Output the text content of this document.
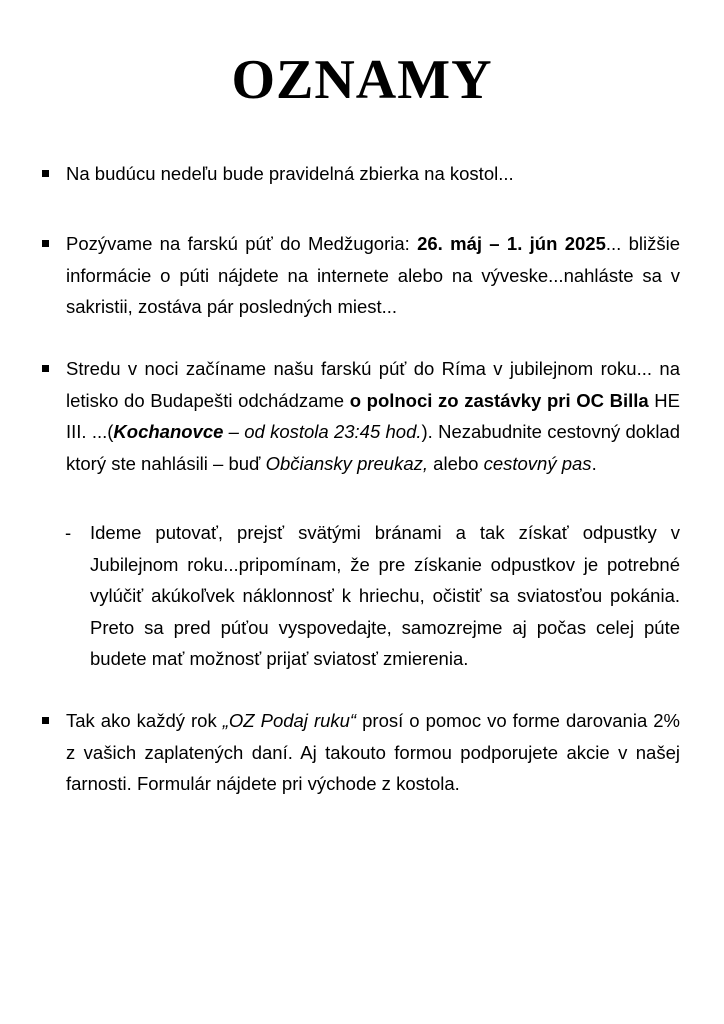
OZNAMY
Na budúcu nedeľu bude pravidelná zbierka na kostol...
Pozývame na farskú púť do Medžugoria: 26. máj – 1. jún 2025... bližšie informácie o púti nájdete na internete alebo na vývеske...nahláste sa v sakristii, zostáva pár posledných miest...
Stredu v noci začíname našu farskú púť do Ríma v jubilejnom roku... na letisko do Budapešti odchádzame o polnoci zo zastávky pri OC Billa HE III. ...(Kochanovce – od kostola 23:45 hod.). Nezabudnite cestovný doklad ktorý ste nahlásili – buď Občiansky preukaz, alebo cestovný pas.
- Ideme putovať, prejsť svätými bránami a tak získať odpustky v Jubilejnom roku...pripomínam, že pre získanie odpustkov je potrebné vylúčiť akúkoľvek náklonnosť k hriechu, očistiť sa sviatosťou pokánia. Preto sa pred púťou vyspovedajte, samozrejme aj počas celej púte budete mať možnosť prijať sviatosť zmierenia.
Tak ako každý rok „OZ Podaj ruku“ prosí o pomoc vo forme darovania 2% z vašich zaplatených daní. Aj takouto formou podporujete akcie v našej farnosti. Formulár nájdete pri východe z kostola.
